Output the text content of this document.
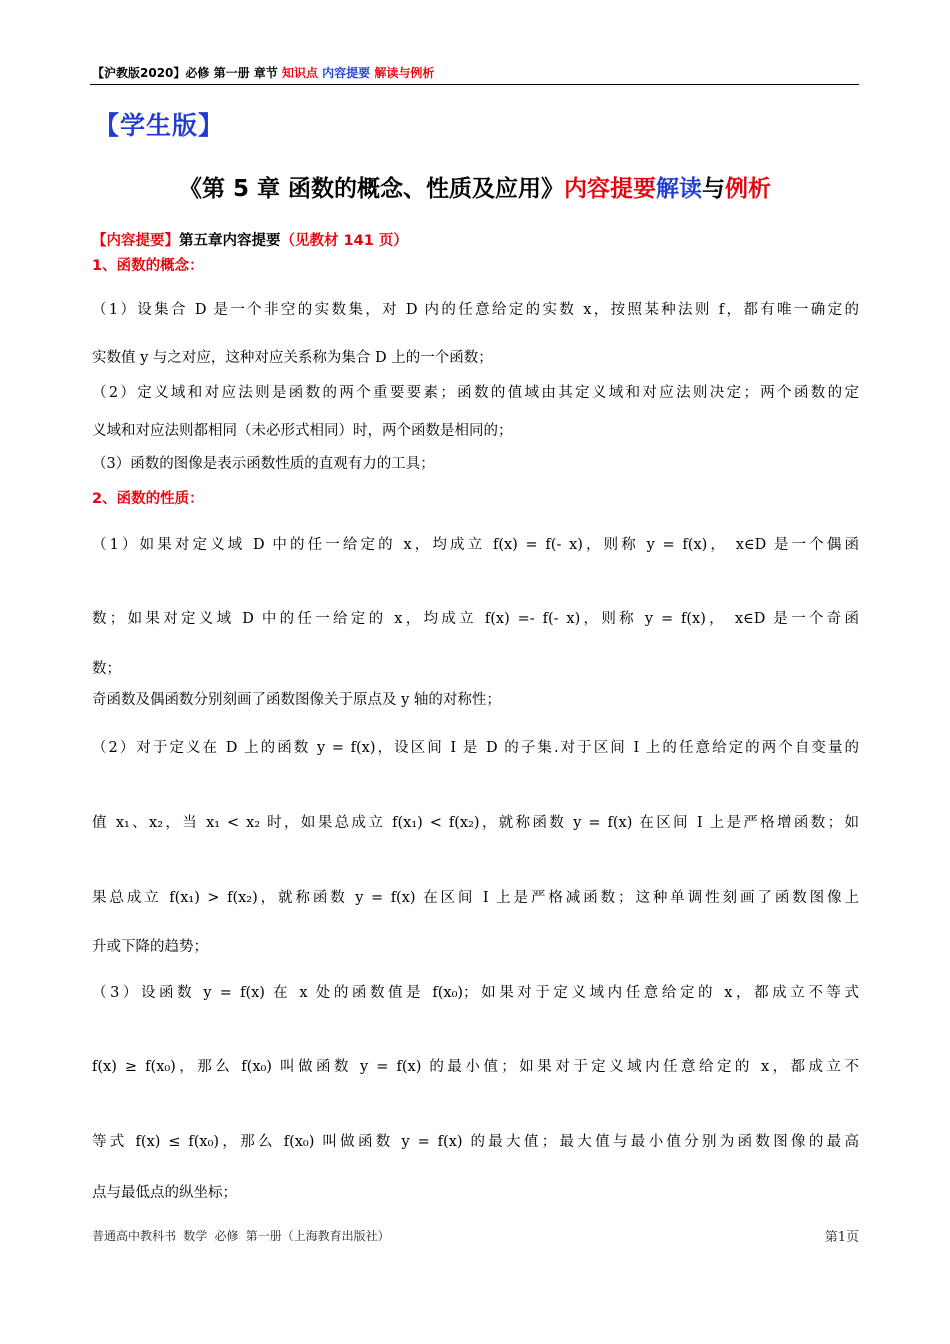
【沪教版2020】必修 第一册 章节 知识点 内容提要 解读与例析
【学生版】
《第 5 章 函数的概念、性质及应用》内容提要解读与例析
【内容提要】第五章内容提要（见教材 141 页）
1、函数的概念：
（1）设集合 D 是一个非空的实数集，对 D 内的任意给定的实数 x，按照某种法则 f，都有唯一确定的
实数值 y 与之对应，这种对应关系称为集合 D 上的一个函数；
（2）定义域和对应法则是函数的两个重要要素；函数的值域由其定义域和对应法则决定；两个函数的定
义域和对应法则都相同（未必形式相同）时，两个函数是相同的；
（3）函数的图像是表示函数性质的直观有力的工具；
2、函数的性质：
（1）如果对定义域 D 中的任一给定的 x，均成立 f(x) = f(- x)，则称 y = f(x)， x∈D 是一个偶函
数；如果对定义域 D 中的任一给定的 x，均成立 f(x) =- f(- x)，则称 y = f(x)， x∈D 是一个奇函
数；
奇函数及偶函数分别刻画了函数图像关于原点及 y 轴的对称性；
（2）对于定义在 D 上的函数 y = f(x)，设区间 I 是 D 的子集.对于区间 I 上的任意给定的两个自变量的
值 x₁、x₂，当 x₁ < x₂ 时，如果总成立 f(x₁) < f(x₂)，就称函数 y = f(x) 在区间 I 上是严格增函数；如
果总成立 f(x₁) > f(x₂)，就称函数 y = f(x) 在区间 I 上是严格减函数；这种单调性刻画了函数图像上
升或下降的趋势；
（3）设函数 y = f(x) 在 x 处的函数值是 f(x₀)；如果对于定义域内任意给定的 x，都成立不等式
f(x) ≥ f(x₀)，那么 f(x₀) 叫做函数 y = f(x) 的最小值；如果对于定义域内任意给定的 x，都成立不
等式 f(x) ≤ f(x₀)，那么 f(x₀) 叫做函数 y = f(x) 的最大值；最大值与最小值分别为函数图像的最高
点与最低点的纵坐标；
普通高中教科书 数学 必修 第一册（上海教育出版社）	第1页
